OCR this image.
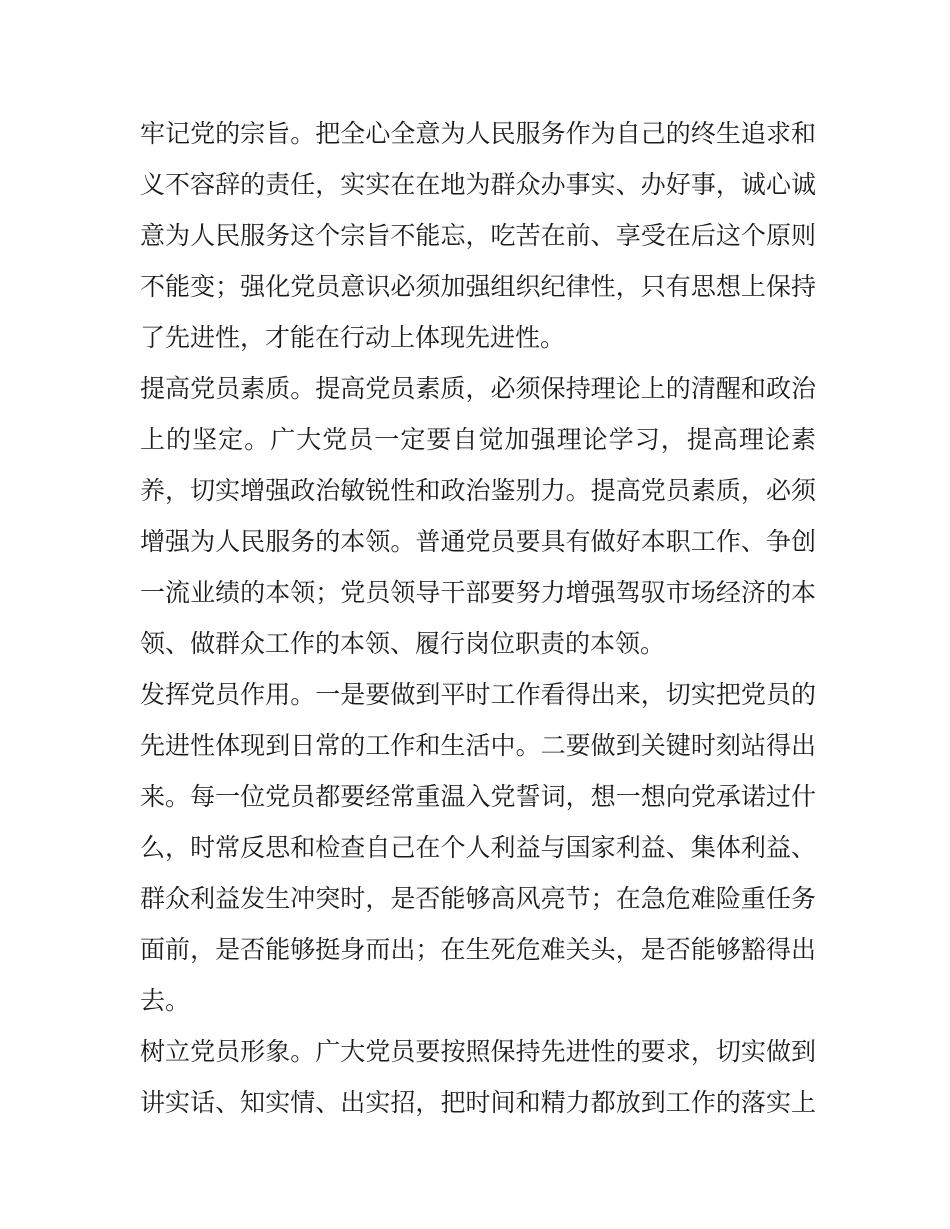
牢记党的宗旨。把全心全意为人民服务作为自己的终生追求和
义不容辞的责任，实实在在地为群众办事实、办好事，诚心诚
意为人民服务这个宗旨不能忘，吃苦在前、享受在后这个原则
不能变；强化党员意识必须加强组织纪律性，只有思想上保持
了先进性，才能在行动上体现先进性。
提高党员素质。提高党员素质，必须保持理论上的清醒和政治
上的坚定。广大党员一定要自觉加强理论学习，提高理论素
养，切实增强政治敏锐性和政治鉴别力。提高党员素质，必须
增强为人民服务的本领。普通党员要具有做好本职工作、争创
一流业绩的本领；党员领导干部要努力增强驾驭市场经济的本
领、做群众工作的本领、履行岗位职责的本领。
发挥党员作用。一是要做到平时工作看得出来，切实把党员的
先进性体现到日常的工作和生活中。二要做到关键时刻站得出
来。每一位党员都要经常重温入党誓词，想一想向党承诺过什
么，时常反思和检查自己在个人利益与国家利益、集体利益、
群众利益发生冲突时，是否能够高风亮节；在急危难险重任务
面前，是否能够挺身而出；在生死危难关头，是否能够豁得出
去。
树立党员形象。广大党员要按照保持先进性的要求，切实做到
讲实话、知实情、出实招，把时间和精力都放到工作的落实上
